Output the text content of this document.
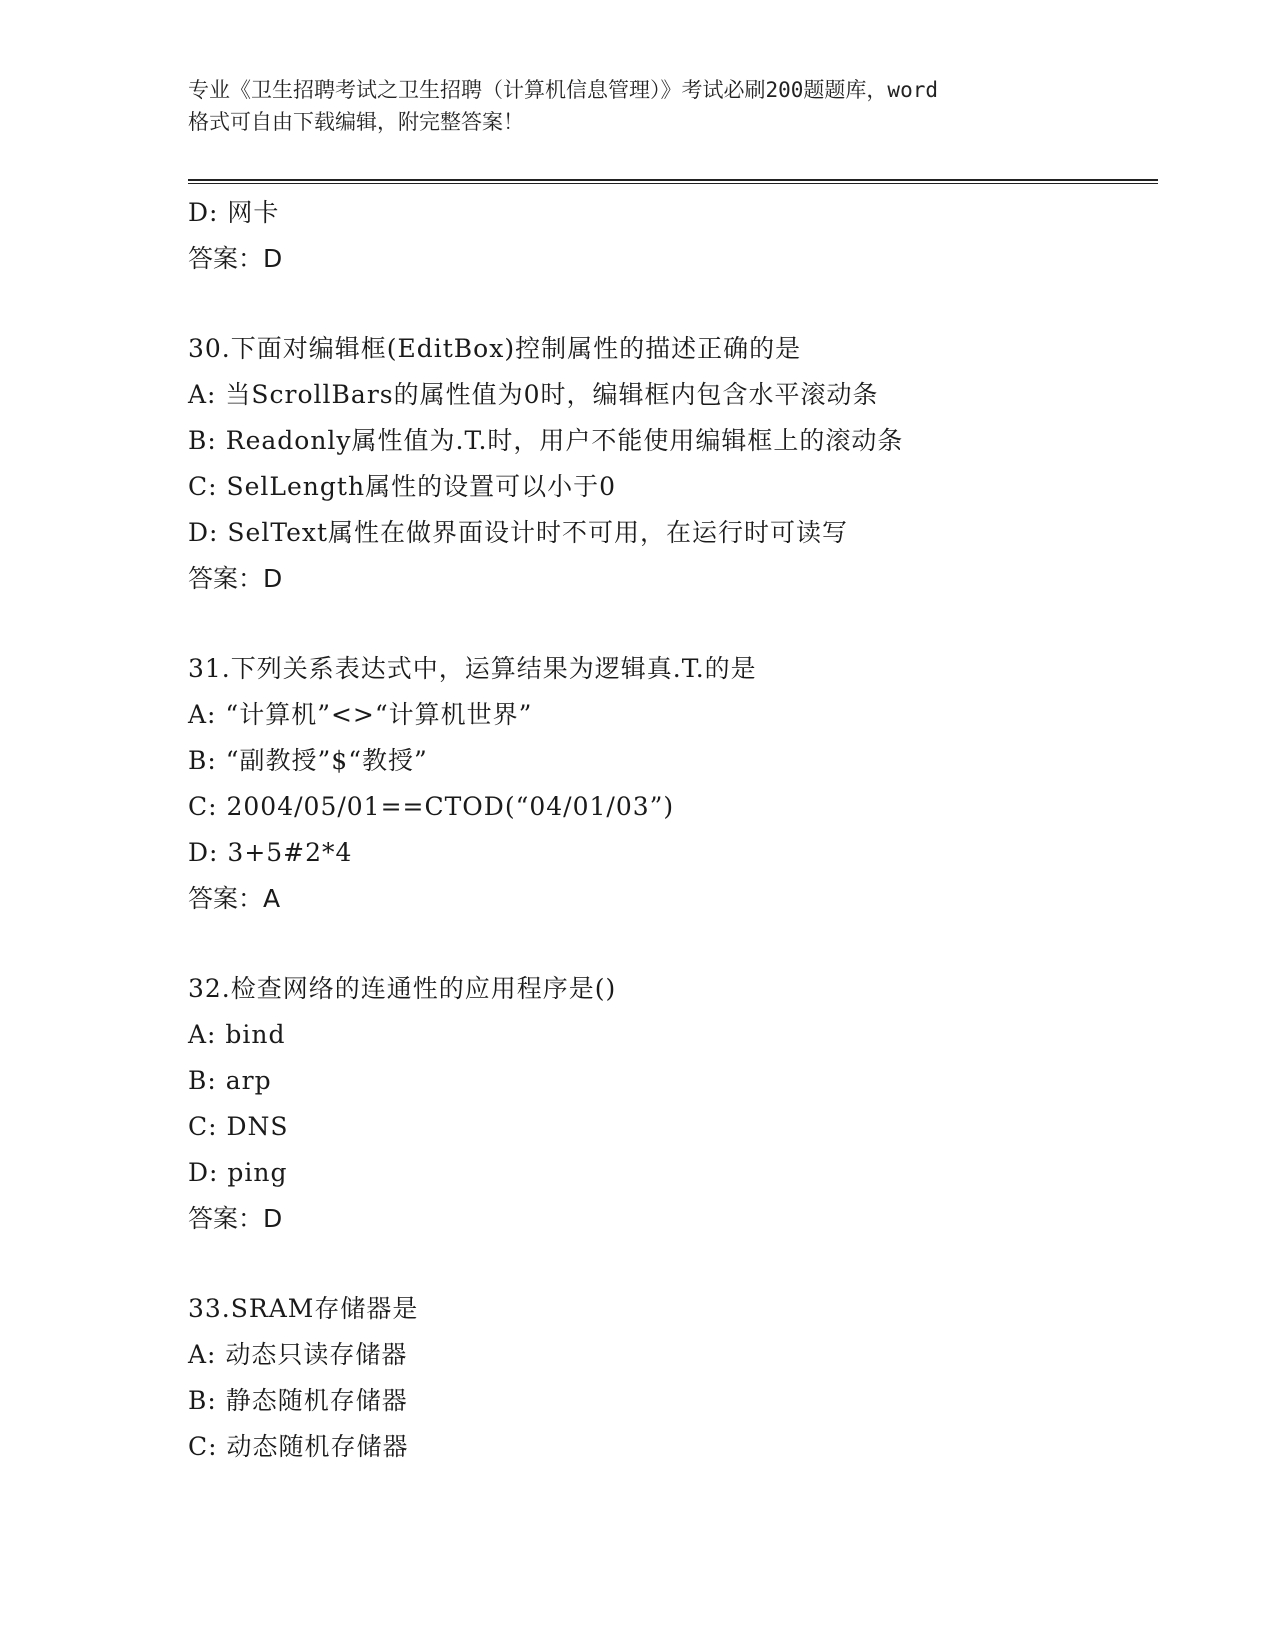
专业《卫生招聘考试之卫生招聘（计算机信息管理）》考试必刷200题题库，word
格式可自由下载编辑，附完整答案！
D: 网卡
答案：D
30.下面对编辑框(EditBox)控制属性的描述正确的是
A: 当ScrollBars的属性值为0时，编辑框内包含水平滚动条
B: Readonly属性值为.T.时，用户不能使用编辑框上的滚动条
C: SelLength属性的设置可以小于0
D: SelText属性在做界面设计时不可用，在运行时可读写
答案：D
31.下列关系表达式中，运算结果为逻辑真.T.的是
A: “计算机”<>“计算机世界”
B: “副教授”$“教授”
C: 2004/05/01==CTOD(“04/01/03”)
D: 3+5#2*4
答案：A
32.检查网络的连通性的应用程序是()
A: bind
B: arp
C: DNS
D: ping
答案：D
33.SRAM存储器是
A: 动态只读存储器
B: 静态随机存储器
C: 动态随机存储器
